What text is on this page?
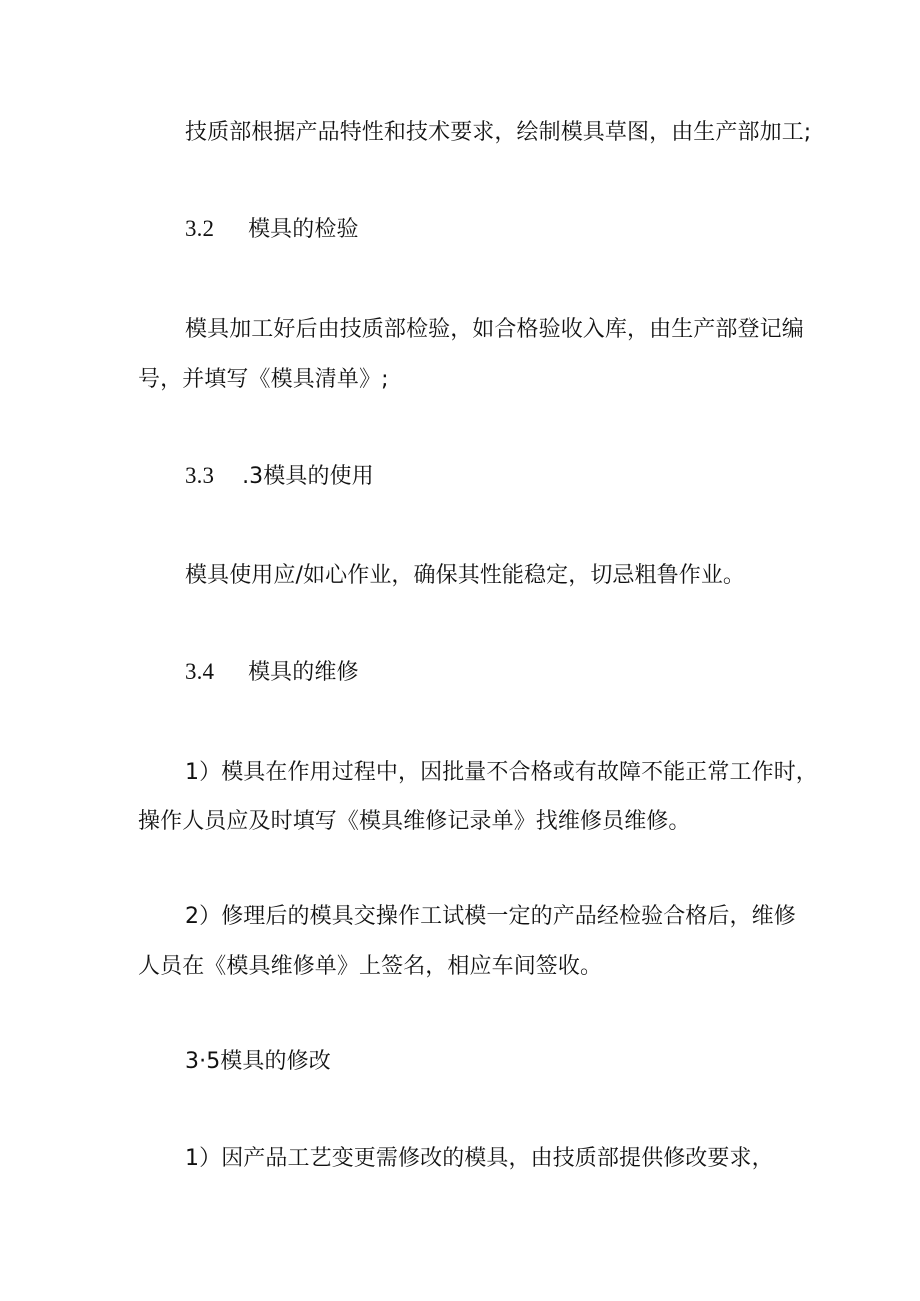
技质部根据产品特性和技术要求，绘制模具草图，由生产部加工;
3.2 模具的检验
模具加工好后由技质部检验，如合格验收入库，由生产部登记编
号，并填写《模具清单》;
3.3 .3模具的使用
模具使用应/如心作业，确保其性能稳定，切忌粗鲁作业。
3.4 模具的维修
1）模具在作用过程中，因批量不合格或有故障不能正常工作时，
操作人员应及时填写《模具维修记录单》找维修员维修。
2）修理后的模具交操作工试模一定的产品经检验合格后，维修
人员在《模具维修单》上签名，相应车间签收。
3·5模具的修改
1）因产品工艺变更需修改的模具，由技质部提供修改要求，
